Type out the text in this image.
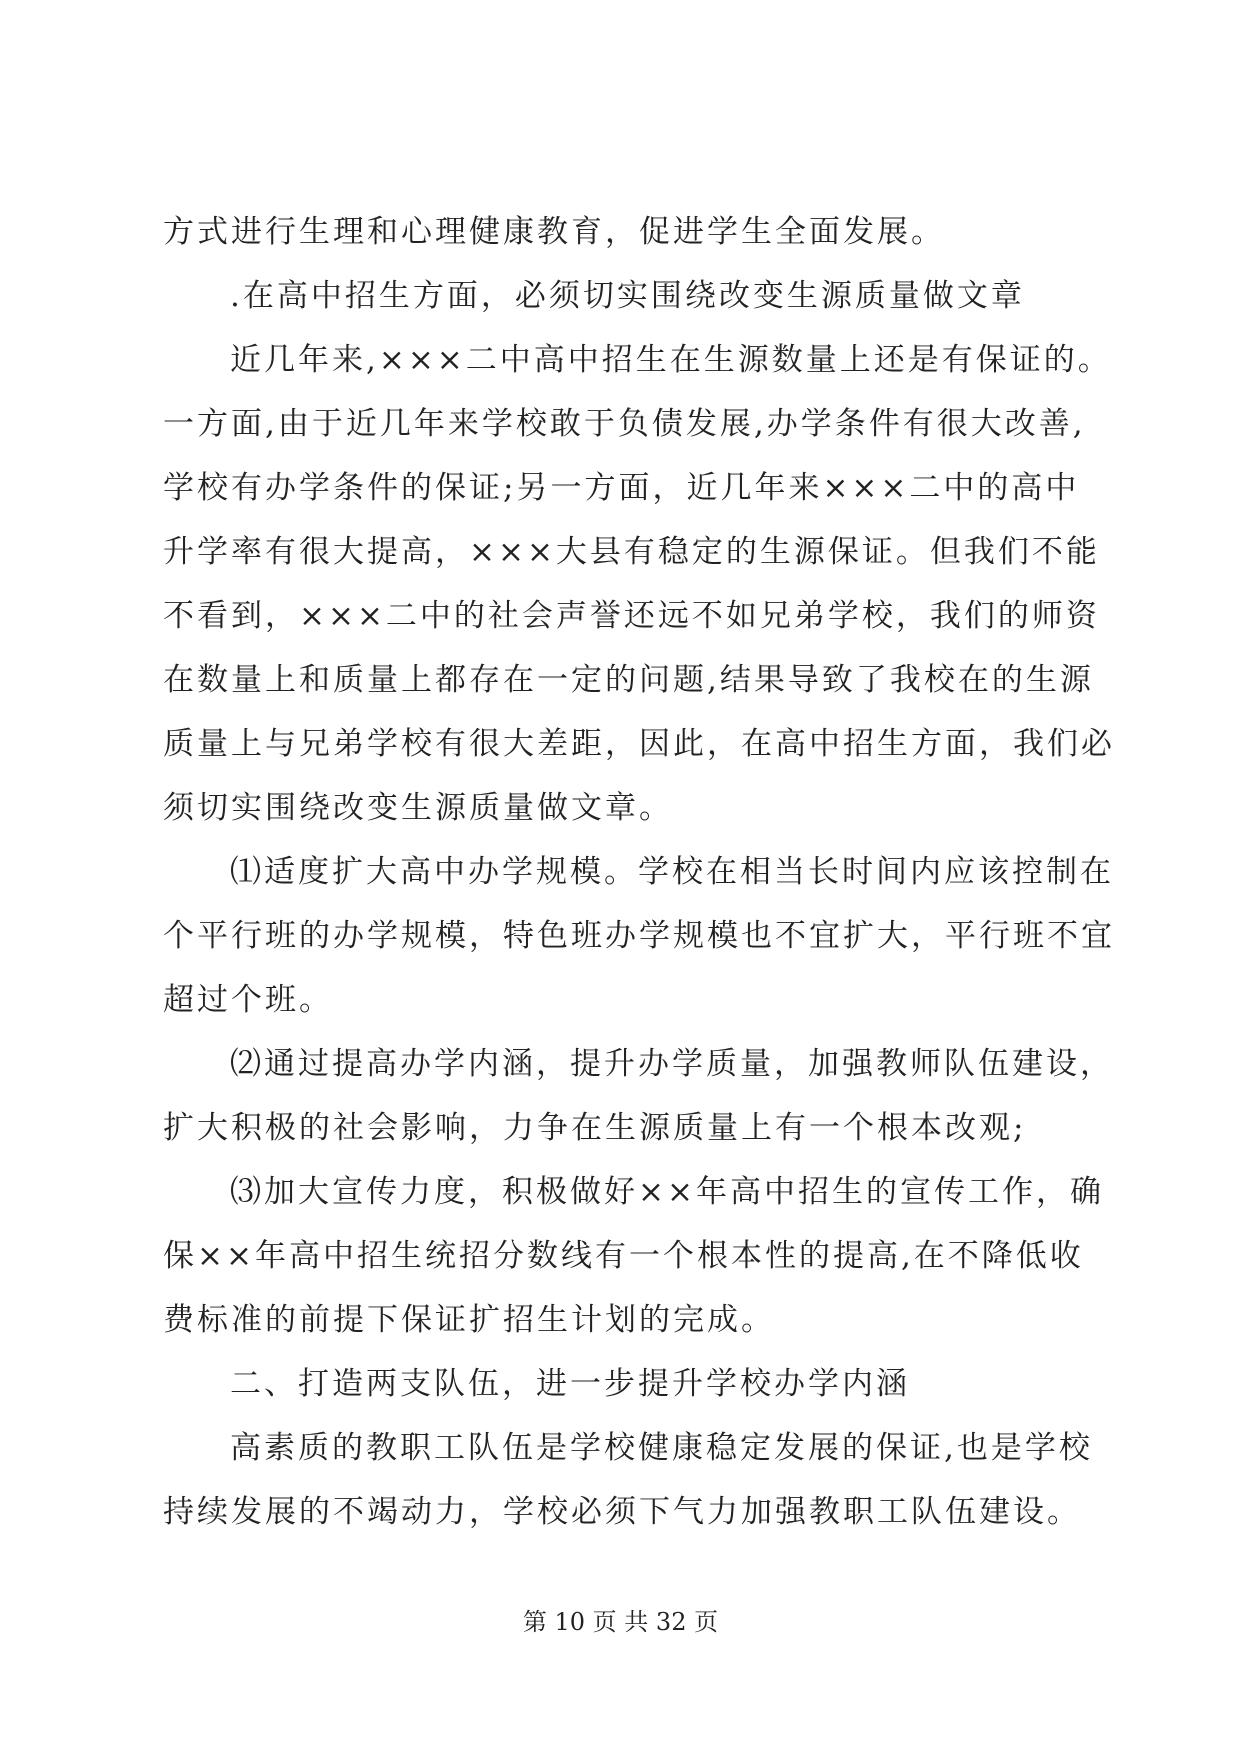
方式进行生理和心理健康教育，促进学生全面发展。
.在高中招生方面，必须切实围绕改变生源质量做文章
近几年来,×××二中高中招生在生源数量上还是有保证的。
一方面,由于近几年来学校敢于负债发展,办学条件有很大改善,
学校有办学条件的保证;另一方面，近几年来×××二中的高中
升学率有很大提高，×××大县有稳定的生源保证。但我们不能
不看到，×××二中的社会声誉还远不如兄弟学校，我们的师资
在数量上和质量上都存在一定的问题,结果导致了我校在的生源
质量上与兄弟学校有很大差距，因此，在高中招生方面，我们必
须切实围绕改变生源质量做文章。
⑴适度扩大高中办学规模。学校在相当长时间内应该控制在
个平行班的办学规模，特色班办学规模也不宜扩大，平行班不宜
超过个班。
⑵通过提高办学内涵，提升办学质量，加强教师队伍建设，
扩大积极的社会影响，力争在生源质量上有一个根本改观;
⑶加大宣传力度，积极做好××年高中招生的宣传工作，确
保××年高中招生统招分数线有一个根本性的提高,在不降低收
费标准的前提下保证扩招生计划的完成。
二、打造两支队伍，进一步提升学校办学内涵
高素质的教职工队伍是学校健康稳定发展的保证,也是学校
持续发展的不竭动力，学校必须下气力加强教职工队伍建设。
第 10 页 共 32 页
